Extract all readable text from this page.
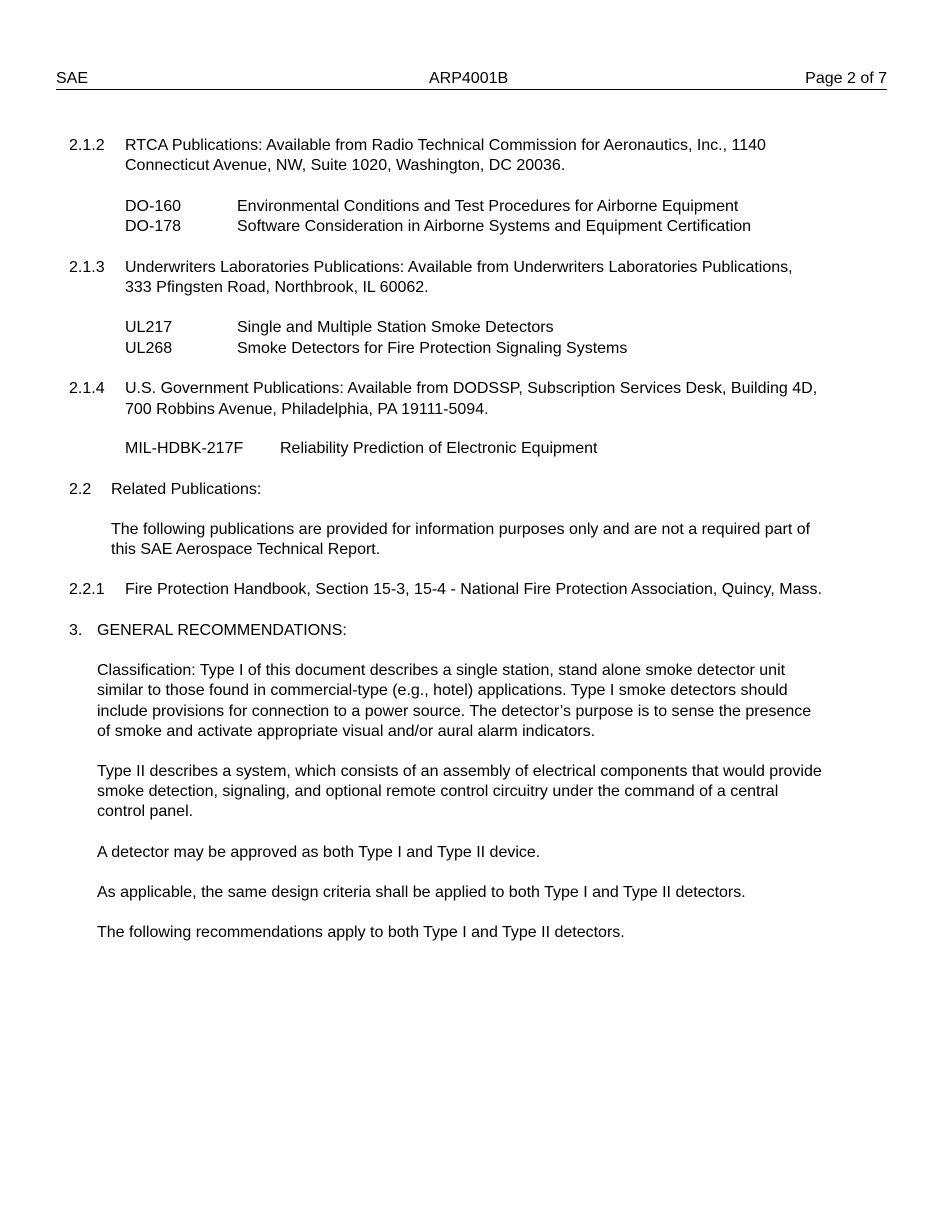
SAE	ARP4001B	Page 2 of 7
2.1.2 RTCA Publications: Available from Radio Technical Commission for Aeronautics, Inc., 1140
Connecticut Avenue, NW, Suite 1020, Washington, DC 20036.
DO-160	Environmental Conditions and Test Procedures for Airborne Equipment
DO-178	Software Consideration in Airborne Systems and Equipment Certification
2.1.3 Underwriters Laboratories Publications: Available from Underwriters Laboratories Publications,
333 Pfingsten Road, Northbrook, IL 60062.
UL217	Single and Multiple Station Smoke Detectors
UL268	Smoke Detectors for Fire Protection Signaling Systems
2.1.4 U.S. Government Publications: Available from DODSSP, Subscription Services Desk, Building 4D,
700 Robbins Avenue, Philadelphia, PA 19111-5094.
MIL-HDBK-217F Reliability Prediction of Electronic Equipment
2.2 Related Publications:
The following publications are provided for information purposes only and are not a required part of
this SAE Aerospace Technical Report.
2.2.1 Fire Protection Handbook, Section 15-3, 15-4 - National Fire Protection Association, Quincy, Mass.
3. GENERAL RECOMMENDATIONS:
Classification: Type I of this document describes a single station, stand alone smoke detector unit
similar to those found in commercial-type (e.g., hotel) applications. Type I smoke detectors should
include provisions for connection to a power source. The detector’s purpose is to sense the presence
of smoke and activate appropriate visual and/or aural alarm indicators.
Type II describes a system, which consists of an assembly of electrical components that would provide
smoke detection, signaling, and optional remote control circuitry under the command of a central
control panel.
A detector may be approved as both Type I and Type II device.
As applicable, the same design criteria shall be applied to both Type I and Type II detectors.
The following recommendations apply to both Type I and Type II detectors.
